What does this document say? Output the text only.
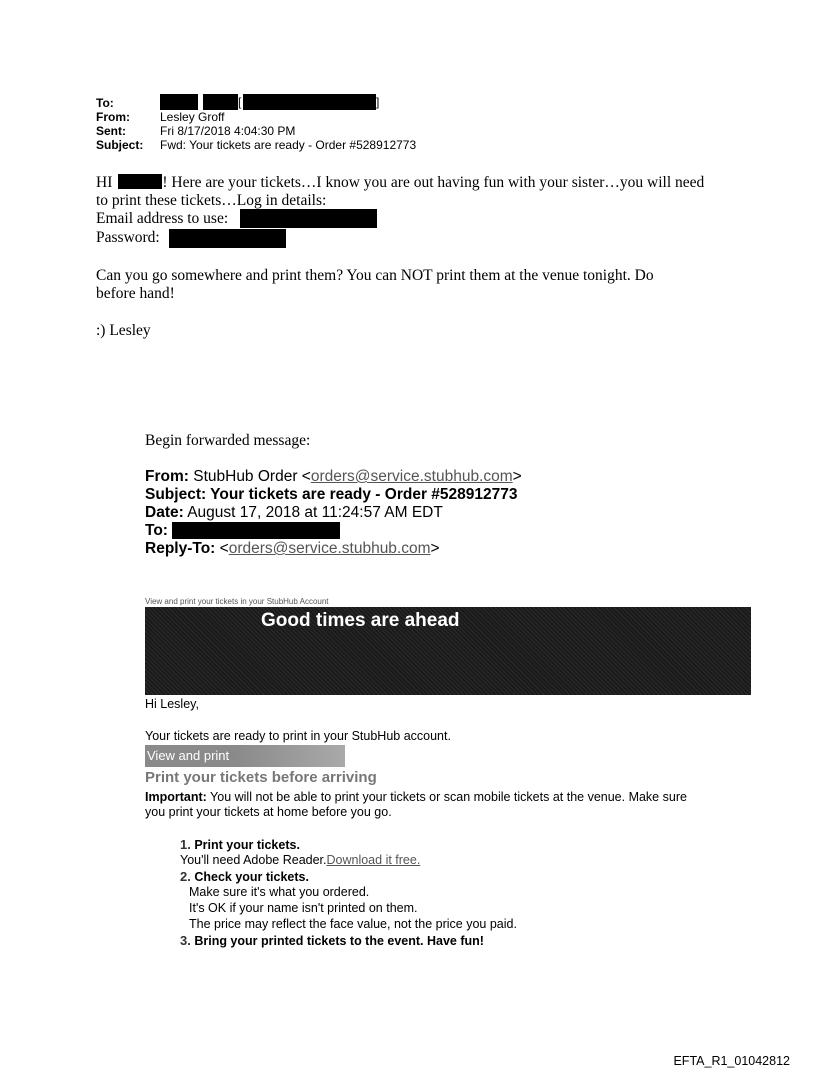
To:	[	]
From:	Lesley Groff
Sent:	Fri 8/17/2018 4:04:30 PM
Subject: Fwd: Your tickets are ready - Order #528912773
HI	! Here are your tickets…I know you are out having fun with your sister…you will need
to print these tickets…Log in details:
Email address to use:
Password:
Can you go somewhere and print them? You can NOT print them at the venue tonight. Do
before hand!
:) Lesley
Begin forwarded message:
From: StubHub Order <orders@service.stubhub.com>
Subject: Your tickets are ready - Order #528912773
Date: August 17, 2018 at 11:24:57 AM EDT
To:
Reply-To: <orders@service.stubhub.com>
View and print your tickets in your StubHub Account
Good times are ahead
Hi Lesley,
Your tickets are ready to print in your StubHub account.
View and print
Print your tickets before arriving
Important: You will not be able to print your tickets or scan mobile tickets at the venue. Make sure
you print your tickets at home before you go.
1. Print your tickets.
You'll need Adobe Reader.Download it free.
2. Check your tickets.
Make sure it's what you ordered.
It's OK if your name isn't printed on them.
The price may reflect the face value, not the price you paid.
3. Bring your printed tickets to the event. Have fun!
EFTA_R1_01042812
